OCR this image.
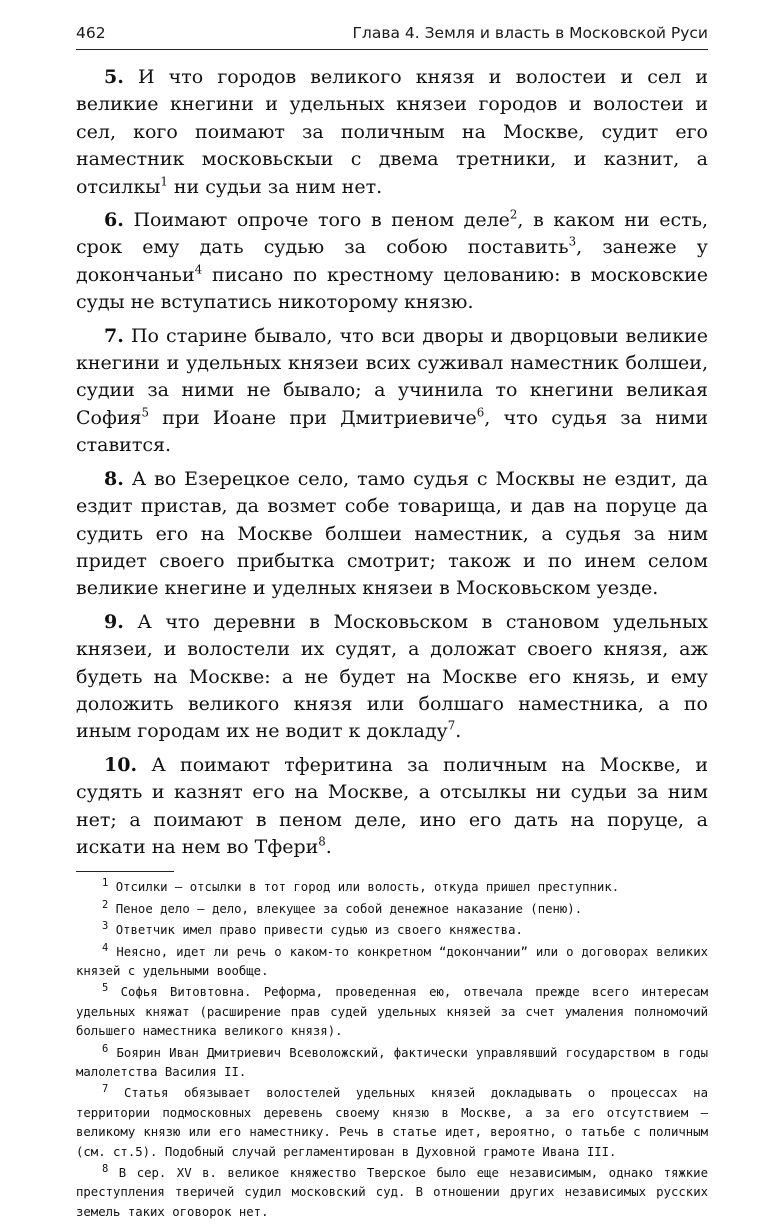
462	Глава 4. Земля и власть в Московской Руси

5. И что городов великого князя и волостеи и сел и великие кнегини и удельных князеи городов и волостеи и сел, кого поимают за поличным на Москве, судит его наместник московьскыи с двема третники, и казнит, а отсилкы$^1$ ни судьи за ним нет.

6. Поимают опроче того в пеном деле$^2$, в каком ни есть, срок ему дать судью за собою поставить$^3$, занеже у докончаньи$^4$ писано по крестному целованию: в московские суды не вступатись никоторому князю.

7. По старине бывало, что вси дворы и дворцовыи великие кнегини и удельных князеи всих суживал наместник болшеи, судии за ними не бывало; а учинила то кнегини великая София$^5$ при Иоане при Дмитриевиче$^6$, что судья за ними ставится.

8. А во Езерецкое село, тамо судья с Москвы не ездит, да ездит пристав, да возмет собе товарища, и дав на поруце да судить его на Москве болшеи наместник, а судья за ним придет своего прибытка смотрит; також и по инем селом великие кнегине и уделных князеи в Московьском уезде.

9. А что деревни в Московьском в становом удельных князеи, и волостели их судят, а доложат своего князя, аж будеть на Москве: а не будет на Москве его князь, и ему доложить великого князя или болшаго наместника, а по иным городам их не водит к докладу$^7$.

10. А поимают тферитина за поличным на Москве, и судять и казнят его на Москве, а отсылкы ни судьи за ним нет; а поимают в пеном деле, ино его дать на поруце, а искати на нем во Тфери$^8$.

$^1$ Отсилки — отсылки в тот город или волость, откуда пришел преступник.

$^2$ Пеное дело — дело, влекущее за собой денежное наказание (пеню).

$^3$ Ответчик имел право привести судью из своего княжества.

$^4$ Неясно, идет ли речь о каком-то конкретном “докончании” или о договорах великих князей с удельными вообще.

$^5$ Софья Витовтовна. Реформа, проведенная ею, отвечала прежде всего интересам удельных княжат (расширение прав судей удельных князей за счет умаления полномочий большего наместника великого князя).

$^6$ Боярин Иван Дмитриевич Всеволожский, фактически управлявший государством в годы малолетства Василия II.

$^7$ Статья обязывает волостелей удельных князей докладывать о процессах на территории подмосковных деревень своему князю в Москве, а за его отсутствием — великому князю или его наместнику. Речь в статье идет, вероятно, о татьбе с поличным (см. ст.5). Подобный случай регламентирован в Духовной грамоте Ивана III.

$^8$ В сер. XV в. великое княжество Тверское было еще независимым, однако тяжкие преступления тверичей судил московский суд. В отношении других независимых русских земель таких оговорок нет.
